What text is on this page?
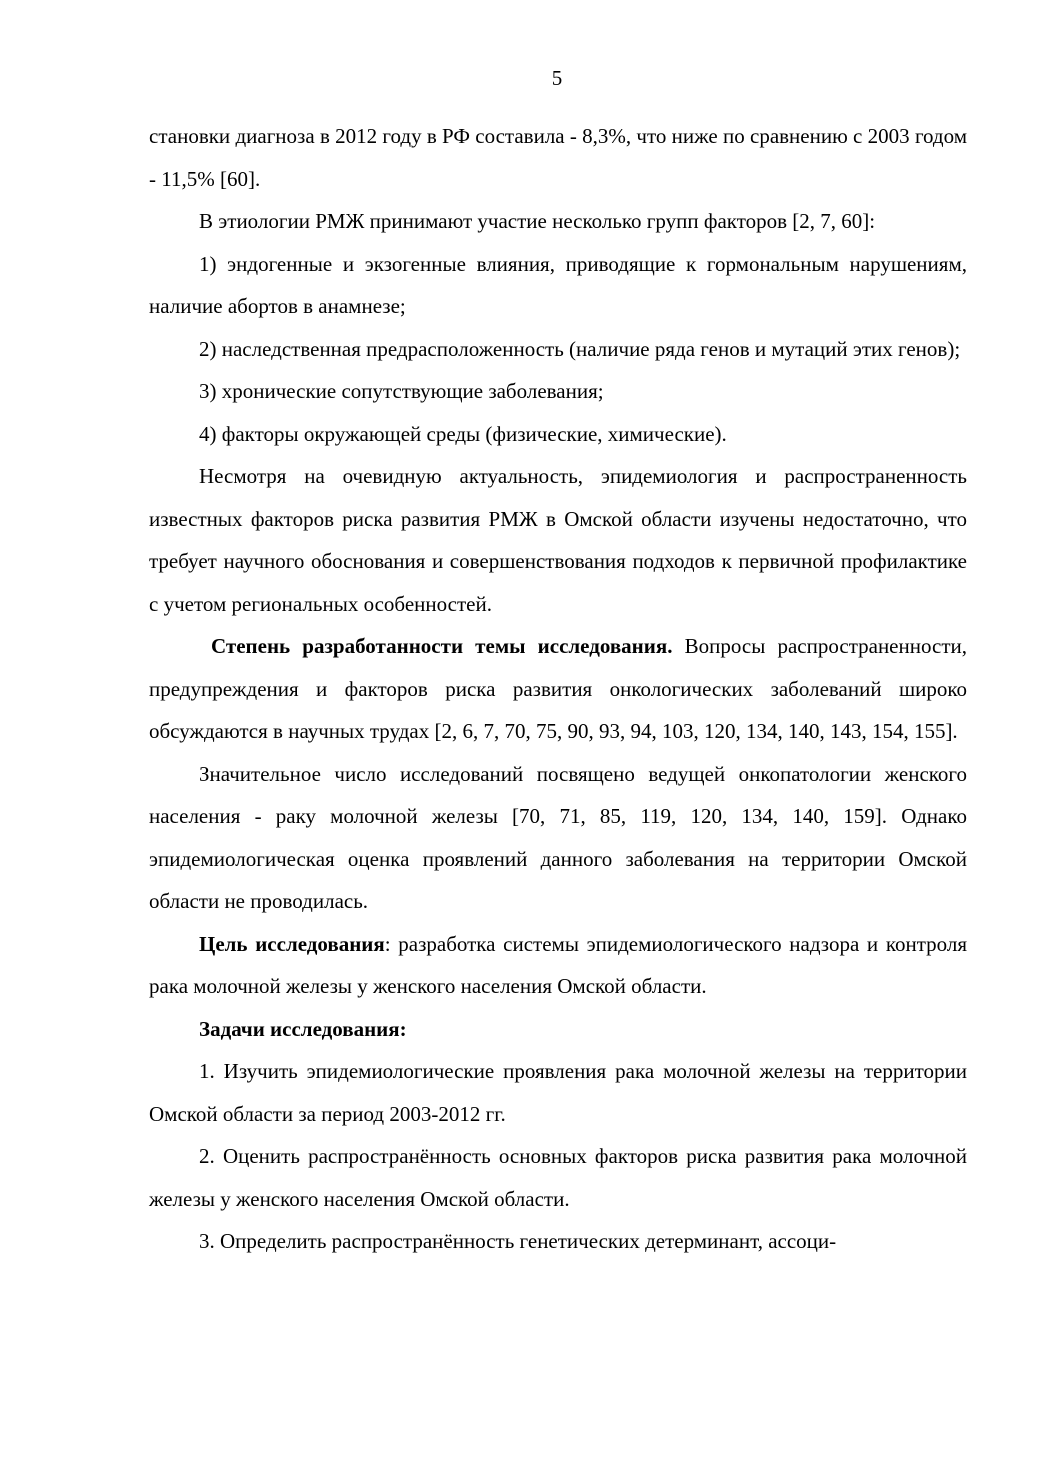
5

становки диагноза в 2012 году в РФ составила - 8,3%, что ниже по сравнению с 2003 годом - 11,5% [60].

В этиологии РМЖ принимают участие несколько групп факторов [2, 7, 60]:

1) эндогенные и экзогенные влияния, приводящие к гормональным нарушениям, наличие абортов в анамнезе;

2) наследственная предрасположенность (наличие ряда генов и мутаций этих генов);

3) хронические сопутствующие заболевания;

4) факторы окружающей среды (физические, химические).

Несмотря на очевидную актуальность, эпидемиология и распространенность известных факторов риска развития РМЖ в Омской области изучены недостаточно, что требует научного обоснования и совершенствования подходов к первичной профилактике с учетом региональных особенностей.

Степень разработанности темы исследования. Вопросы распространенности, предупреждения и факторов риска развития онкологических заболеваний широко обсуждаются в научных трудах [2, 6, 7, 70, 75, 90, 93, 94, 103, 120, 134, 140, 143, 154, 155].

Значительное число исследований посвящено ведущей онкопатологии женского населения - раку молочной железы [70, 71, 85, 119, 120, 134, 140, 159]. Однако эпидемиологическая оценка проявлений данного заболевания на территории Омской области не проводилась.

Цель исследования: разработка системы эпидемиологического надзора и контроля рака молочной железы у женского населения Омской области.

Задачи исследования:

1. Изучить эпидемиологические проявления рака молочной железы на территории Омской области за период 2003-2012 гг.

2. Оценить распространённость основных факторов риска развития рака молочной железы у женского населения Омской области.

3. Определить распространённость генетических детерминант, ассоци-
